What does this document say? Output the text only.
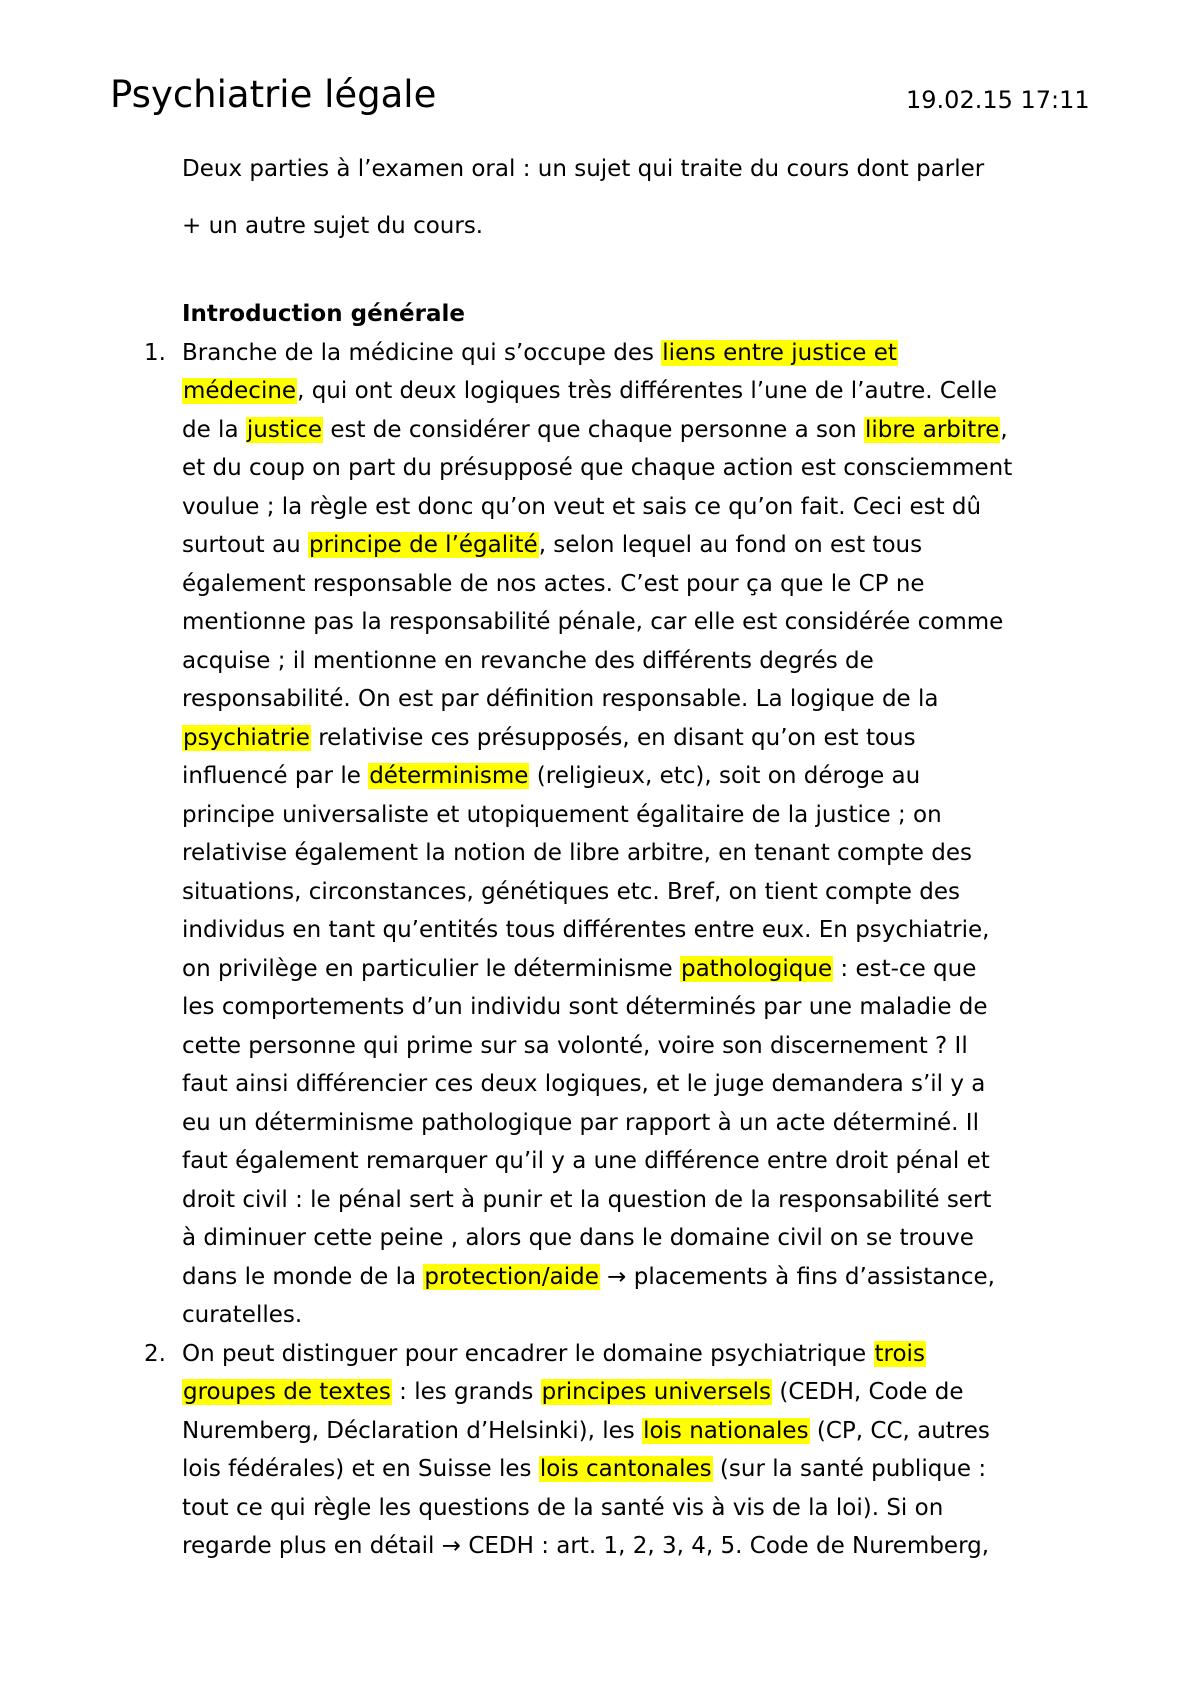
Psychiatrie légale	19.02.15 17:11

Deux parties à l’examen oral : un sujet qui traite du cours dont parler

+ un autre sujet du cours.

Introduction générale

1. Branche de la médicine qui s’occupe des liens entre justice et
médecine, qui ont deux logiques très différentes l’une de l’autre. Celle
de la justice est de considérer que chaque personne a son libre arbitre,
et du coup on part du présupposé que chaque action est consciemment
voulue ; la règle est donc qu’on veut et sais ce qu’on fait. Ceci est dû
surtout au principe de l’égalité, selon lequel au fond on est tous
également responsable de nos actes. C’est pour ça que le CP ne
mentionne pas la responsabilité pénale, car elle est considérée comme
acquise ; il mentionne en revanche des différents degrés de
responsabilité. On est par définition responsable. La logique de la
psychiatrie relativise ces présupposés, en disant qu’on est tous
influencé par le déterminisme (religieux, etc), soit on déroge au
principe universaliste et utopiquement égalitaire de la justice ; on
relativise également la notion de libre arbitre, en tenant compte des
situations, circonstances, génétiques etc. Bref, on tient compte des
individus en tant qu’entités tous différentes entre eux. En psychiatrie,
on privilège en particulier le déterminisme pathologique : est-ce que
les comportements d’un individu sont déterminés par une maladie de
cette personne qui prime sur sa volonté, voire son discernement ? Il
faut ainsi différencier ces deux logiques, et le juge demandera s’il y a
eu un déterminisme pathologique par rapport à un acte déterminé. Il
faut également remarquer qu’il y a une différence entre droit pénal et
droit civil : le pénal sert à punir et la question de la responsabilité sert
à diminuer cette peine , alors que dans le domaine civil on se trouve
dans le monde de la protection/aide → placements à fins d’assistance,
curatelles.
2. On peut distinguer pour encadrer le domaine psychiatrique trois
groupes de textes : les grands principes universels (CEDH, Code de
Nuremberg, Déclaration d’Helsinki), les lois nationales (CP, CC, autres
lois fédérales) et en Suisse les lois cantonales (sur la santé publique :
tout ce qui règle les questions de la santé vis à vis de la loi). Si on
regarde plus en détail → CEDH : art. 1, 2, 3, 4, 5. Code de Nuremberg,
